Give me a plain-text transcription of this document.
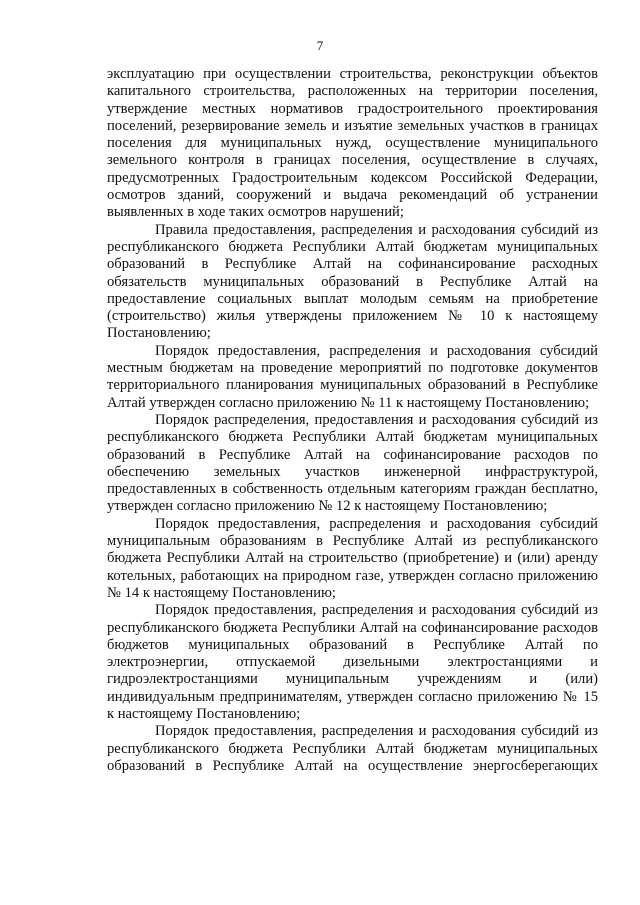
7

эксплуатацию при осуществлении строительства, реконструкции объектов капитального строительства, расположенных на территории поселения, утверждение местных нормативов градостроительного проектирования поселений, резервирование земель и изъятие земельных участков в границах поселения для муниципальных нужд, осуществление муниципального земельного контроля в границах поселения, осуществление в случаях, предусмотренных Градостроительным кодексом Российской Федерации, осмотров зданий, сооружений и выдача рекомендаций об устранении выявленных в ходе таких осмотров нарушений;

Правила предоставления, распределения и расходования субсидий из республиканского бюджета Республики Алтай бюджетам муниципальных образований в Республике Алтай на софинансирование расходных обязательств муниципальных образований в Республике Алтай на предоставление социальных выплат молодым семьям на приобретение (строительство) жилья утверждены приложением № 10 к настоящему Постановлению;

Порядок предоставления, распределения и расходования субсидий местным бюджетам на проведение мероприятий по подготовке документов территориального планирования муниципальных образований в Республике Алтай утвержден согласно приложению № 11 к настоящему Постановлению;

Порядок распределения, предоставления и расходования субсидий из республиканского бюджета Республики Алтай бюджетам муниципальных образований в Республике Алтай на софинансирование расходов по обеспечению земельных участков инженерной инфраструктурой, предоставленных в собственность отдельным категориям граждан бесплатно, утвержден согласно приложению № 12 к настоящему Постановлению;

Порядок предоставления, распределения и расходования субсидий муниципальным образованиям в Республике Алтай из республиканского бюджета Республики Алтай на строительство (приобретение) и (или) аренду котельных, работающих на природном газе, утвержден согласно приложению № 14 к настоящему Постановлению;

Порядок предоставления, распределения и расходования субсидий из республиканского бюджета Республики Алтай на софинансирование расходов бюджетов муниципальных образований в Республике Алтай по электроэнергии, отпускаемой дизельными электростанциями и гидроэлектростанциями муниципальным учреждениям и (или) индивидуальным предпринимателям, утвержден согласно приложению № 15 к настоящему Постановлению;

Порядок предоставления, распределения и расходования субсидий из республиканского бюджета Республики Алтай бюджетам муниципальных образований в Республике Алтай на осуществление энергосберегающих
